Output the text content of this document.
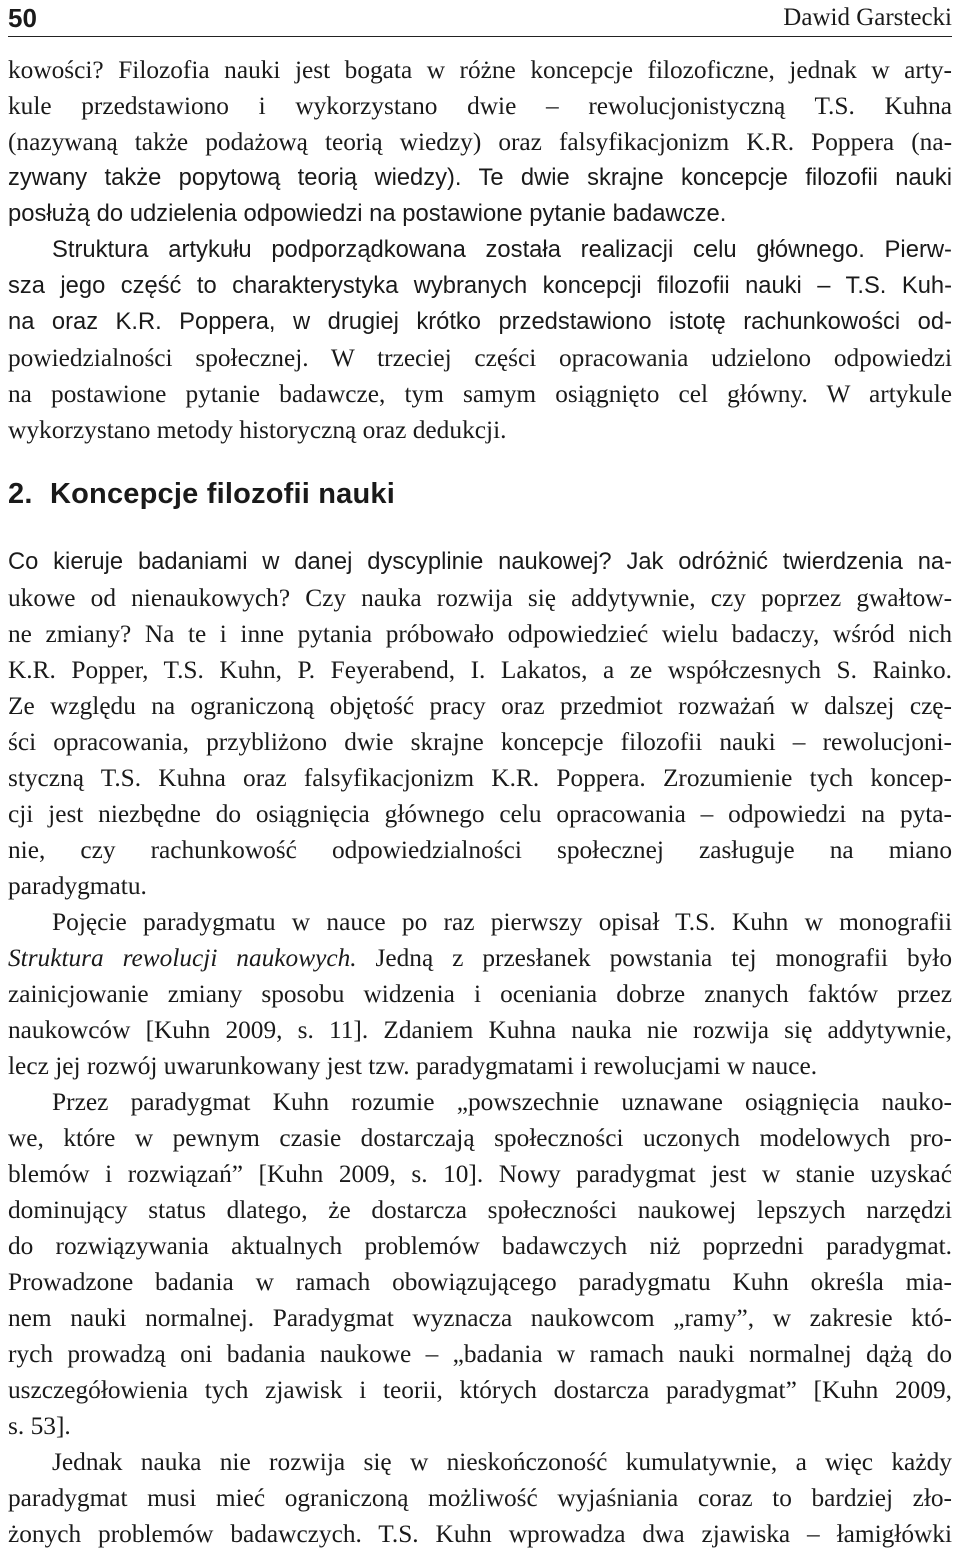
50	Dawid Garstecki
kowości? Filozofia nauki jest bogata w różne koncepcje filozoficzne, jednak w arty-
kule przedstawiono i wykorzystano dwie – rewolucjonistyczną T.S. Kuhna
(nazywaną także podażową teorią wiedzy) oraz falsyfikacjonizm K.R. Poppera (na-
zywany także popytową teorią wiedzy). Te dwie skrajne koncepcje filozofii nauki
posłużą do udzielenia odpowiedzi na postawione pytanie badawcze.
Struktura artykułu podporządkowana została realizacji celu głównego. Pierw-
sza jego część to charakterystyka wybranych koncepcji filozofii nauki – T.S. Kuh-
na oraz K.R. Poppera, w drugiej krótko przedstawiono istotę rachunkowości od-
powiedzialności społecznej. W trzeciej części opracowania udzielono odpowiedzi
na postawione pytanie badawcze, tym samym osiągnięto cel główny. W artykule
wykorzystano metody historyczną oraz dedukcji.
2. Koncepcje filozofii nauki
Co kieruje badaniami w danej dyscyplinie naukowej? Jak odróżnić twierdzenia na-
ukowe od nienaukowych? Czy nauka rozwija się addytywnie, czy poprzez gwałtow-
ne zmiany? Na te i inne pytania próbowało odpowiedzieć wielu badaczy, wśród nich
K.R. Popper, T.S. Kuhn, P. Feyerabend, I. Lakatos, a ze współczesnych S. Rainko.
Ze względu na ograniczoną objętość pracy oraz przedmiot rozważań w dalszej czę-
ści opracowania, przybliżono dwie skrajne koncepcje filozofii nauki – rewolucjoni-
styczną T.S. Kuhna oraz falsyfikacjonizm K.R. Poppera. Zrozumienie tych koncep-
cji jest niezbędne do osiągnięcia głównego celu opracowania – odpowiedzi na pyta-
nie, czy rachunkowość odpowiedzialności społecznej zasługuje na miano
paradygmatu.
Pojęcie paradygmatu w nauce po raz pierwszy opisał T.S. Kuhn w monografii
Struktura rewolucji naukowych. Jedną z przesłanek powstania tej monografii było
zainicjowanie zmiany sposobu widzenia i oceniania dobrze znanych faktów przez
naukowców [Kuhn 2009, s. 11]. Zdaniem Kuhna nauka nie rozwija się addytywnie,
lecz jej rozwój uwarunkowany jest tzw. paradygmatami i rewolucjami w nauce.
Przez paradygmat Kuhn rozumie „powszechnie uznawane osiągnięcia nauko-
we, które w pewnym czasie dostarczają społeczności uczonych modelowych pro-
blemów i rozwiązań” [Kuhn 2009, s. 10]. Nowy paradygmat jest w stanie uzyskać
dominujący status dlatego, że dostarcza społeczności naukowej lepszych narzędzi
do rozwiązywania aktualnych problemów badawczych niż poprzedni paradygmat.
Prowadzone badania w ramach obowiązującego paradygmatu Kuhn określa mia-
nem nauki normalnej. Paradygmat wyznacza naukowcom „ramy”, w zakresie któ-
rych prowadzą oni badania naukowe – „badania w ramach nauki normalnej dążą do
uszczegółowienia tych zjawisk i teorii, których dostarcza paradygmat” [Kuhn 2009,
s. 53].
Jednak nauka nie rozwija się w nieskończoność kumulatywnie, a więc każdy
paradygmat musi mieć ograniczoną możliwość wyjaśniania coraz to bardziej zło-
żonych problemów badawczych. T.S. Kuhn wprowadza dwa zjawiska – łamigłówki
